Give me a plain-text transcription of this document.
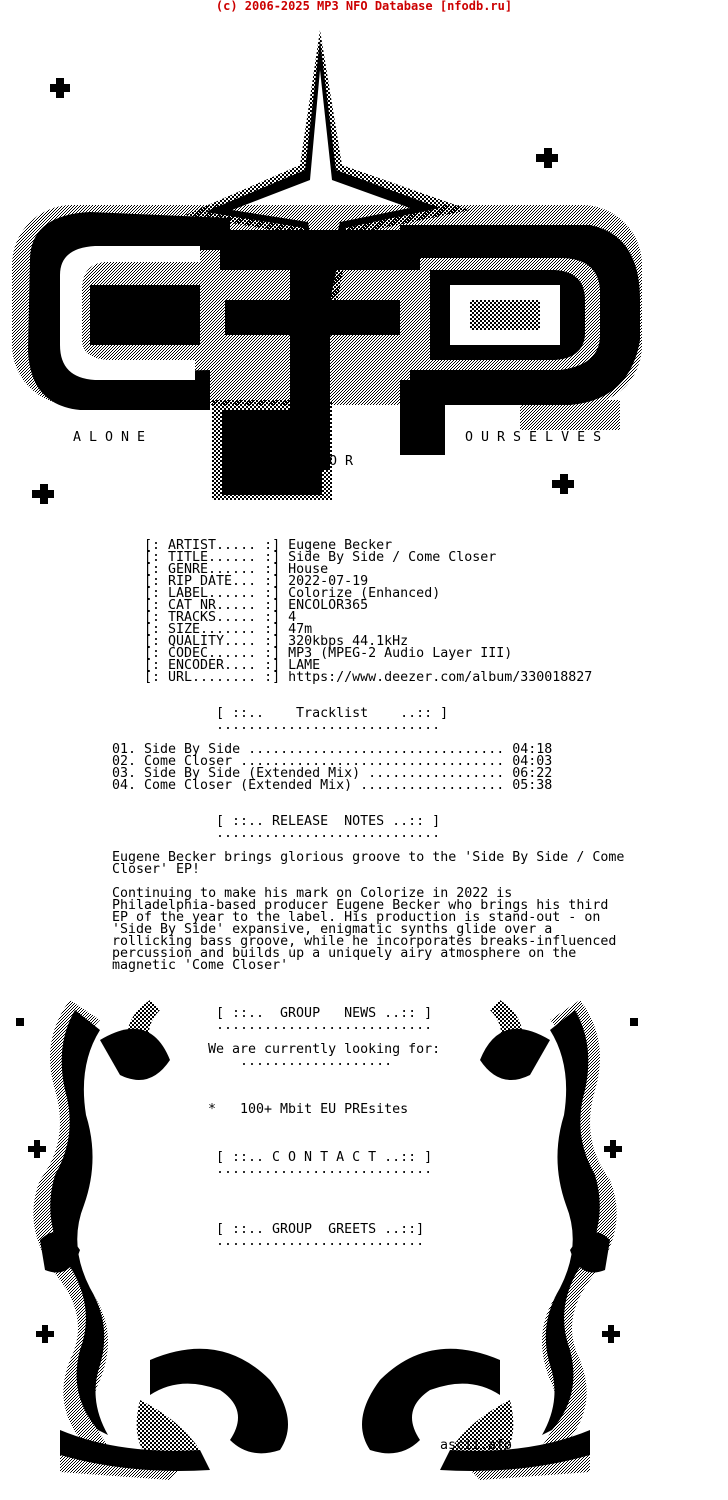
(c) 2006-2025 MP3 NFO Database [nfodb.ru]
A L O N E
F O R
O U R S E L V E S
[: ARTIST..... :] Eugene Becker
[: TITLE...... :] Side By Side / Come Closer
[: GENRE...... :] House
[: RIP DATE... :] 2022-07-19
[: LABEL...... :] Colorize (Enhanced)
[: CAT NR..... :] ENCOLOR365
[: TRACKS..... :] 4
[: SIZE....... :] 47m
[: QUALITY.... :] 320kbps 44.1kHz
[: CODEC...... :] MP3 (MPEG-2 Audio Layer III)
[: ENCODER.... :] LAME
[: URL........ :] https://www.deezer.com/album/330018827
[ ::..    Tracklist    ..:: ]
............................
01. Side By Side ................................ 04:18
02. Come Closer ................................. 04:03
03. Side By Side (Extended Mix) ................. 06:22
04. Come Closer (Extended Mix) .................. 05:38
[ ::.. RELEASE  NOTES ..:: ]
............................
Eugene Becker brings glorious groove to the 'Side By Side / Come
Closer' EP!
Continuing to make his mark on Colorize in 2022 is
Philadelphia-based producer Eugene Becker who brings his third
EP of the year to the label. His production is stand-out - on
'Side By Side' expansive, enigmatic synths glide over a
rollicking bass groove, while he incorporates breaks-influenced
percussion and builds up a uniquely airy atmosphere on the
magnetic 'Come Closer'
[ ::..  GROUP   NEWS ..:: ]
...........................
We are currently looking for:
...................
*   100+ Mbit EU PREsites
[ ::.. C O N T A C T ..:: ]
...........................
[ ::.. GROUP  GREETS ..::]
..........................
ascii.afo
17.02.04
